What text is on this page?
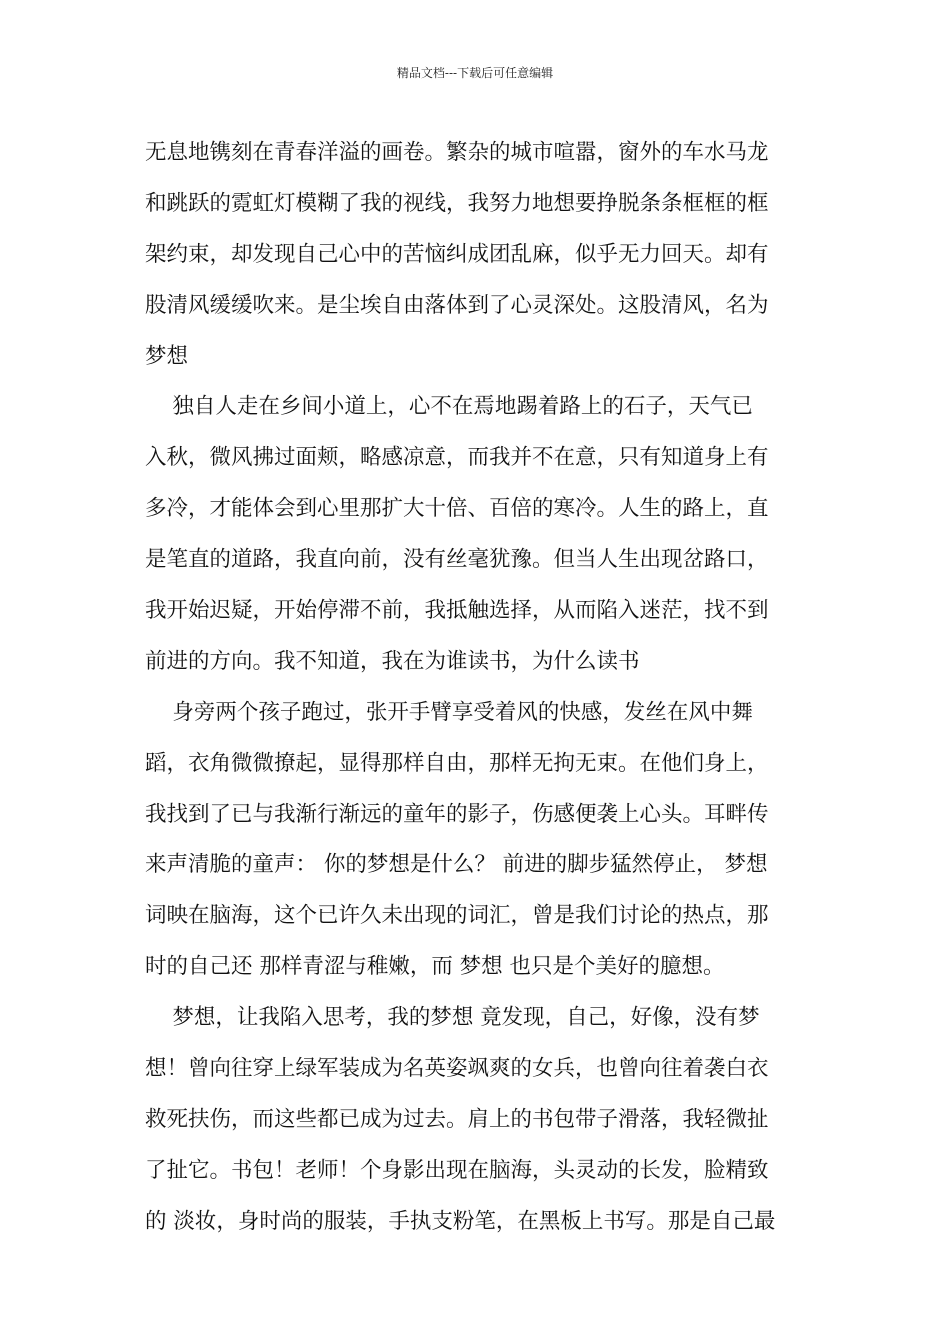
精品文档---下载后可任意编辑
无息地镌刻在青春洋溢的画卷。繁杂的城市喧嚣，窗外的车水马龙
和跳跃的霓虹灯模糊了我的视线，我努力地想要挣脱条条框框的框
架约束，却发现自己心中的苦恼纠成团乱麻，似乎无力回天。却有
股清风缓缓吹来。是尘埃自由落体到了心灵深处。这股清风，名为
梦想
独自人走在乡间小道上，心不在焉地踢着路上的石子，天气已
入秋，微风拂过面颊，略感凉意，而我并不在意，只有知道身上有
多冷，才能体会到心里那扩大十倍、百倍的寒冷。人生的路上，直
是笔直的道路，我直向前，没有丝毫犹豫。但当人生出现岔路口，
我开始迟疑，开始停滞不前，我抵触选择，从而陷入迷茫，找不到
前进的方向。我不知道，我在为谁读书，为什么读书
身旁两个孩子跑过，张开手臂享受着风的快感，发丝在风中舞
蹈，衣角微微撩起，显得那样自由，那样无拘无束。在他们身上，
我找到了已与我渐行渐远的童年的影子，伤感便袭上心头。耳畔传
来声清脆的童声： 你的梦想是什么？ 前进的脚步猛然停止， 梦想
词映在脑海，这个已许久未出现的词汇，曾是我们讨论的热点，那
时的自己还 那样青涩与稚嫩，而 梦想 也只是个美好的臆想。
梦想，让我陷入思考，我的梦想 竟发现，自己，好像，没有梦
想！曾向往穿上绿军装成为名英姿飒爽的女兵，也曾向往着袭白衣
救死扶伤，而这些都已成为过去。肩上的书包带子滑落，我轻微扯
了扯它。书包！老师！个身影出现在脑海，头灵动的长发，脸精致
的 淡妆，身时尚的服装，手执支粉笔，在黑板上书写。那是自己最
